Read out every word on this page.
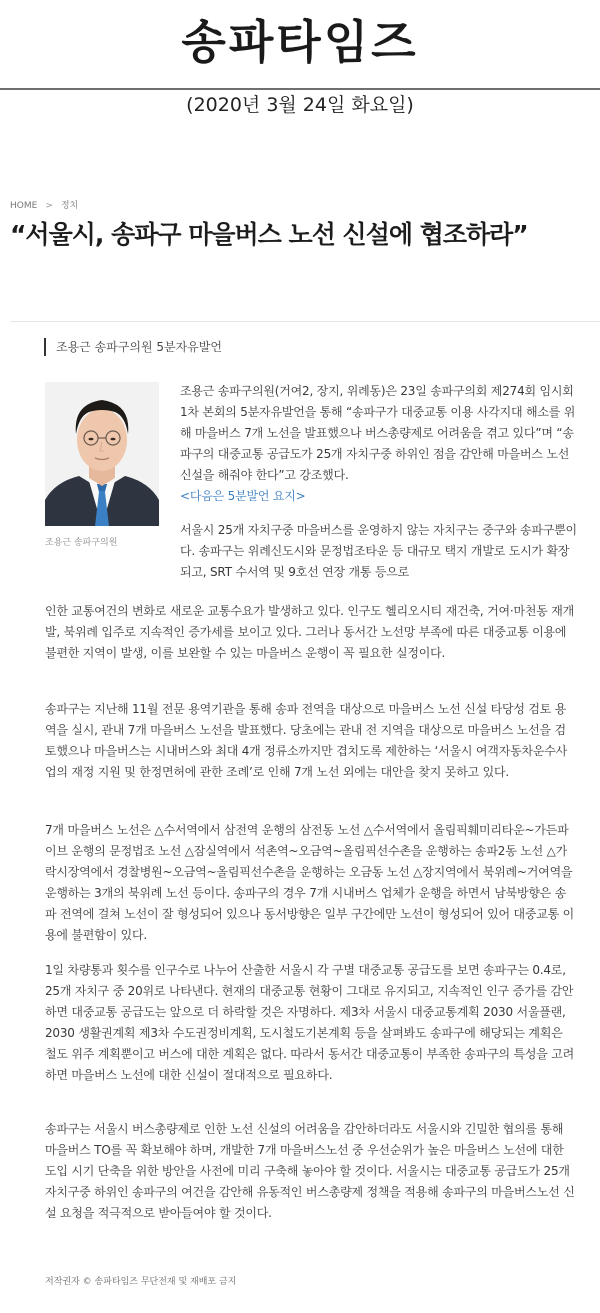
송파타임즈
(2020년 3월 24일 화요일)
HOME > 정치
“서울시, 송파구 마을버스 노선 신설에 협조하라”
조용근 송파구의원 5분자유발언
조용근 송파구의원
조용근 송파구의원(거여2, 장지, 위례동)은 23일 송파구의회 제274회 임시회 1차 본회의 5분자유발언을 통해 “송파구가 대중교통 이용 사각지대 해소를 위해 마을버스 7개 노선을 발표했으나 버스총량제로 어려움을 겪고 있다”며 “송파구의 대중교통 공급도가 25개 자치구중 하위인 점을 감안해 마을버스 노선 신설을 해줘야 한다”고 강조했다.
<다음은 5분발언 요지>
서울시 25개 자치구중 마을버스를 운영하지 않는 자치구는 중구와 송파구뿐이다. 송파구는 위례신도시와 문정법조타운 등 대규모 택지 개발로 도시가 확장되고, SRT 수서역 및 9호선 연장 개통 등으로
인한 교통여건의 변화로 새로운 교통수요가 발생하고 있다. 인구도 헬리오시티 재건축, 거여·마천동 재개발, 북위례 입주로 지속적인 증가세를 보이고 있다. 그러나 동서간 노선망 부족에 따른 대중교통 이용에 불편한 지역이 발생, 이를 보완할 수 있는 마을버스 운행이 꼭 필요한 실정이다.
송파구는 지난해 11월 전문 용역기관을 통해 송파 전역을 대상으로 마을버스 노선 신설 타당성 검토 용역을 실시, 관내 7개 마을버스 노선을 발표했다. 당초에는 관내 전 지역을 대상으로 마을버스 노선을 검토했으나 마을버스는 시내버스와 최대 4개 정류소까지만 겹치도록 제한하는 ‘서울시 여객자동차운수사업의 재정 지원 및 한정면허에 관한 조례’로 인해 7개 노선 외에는 대안을 찾지 못하고 있다.
7개 마을버스 노선은 △수서역에서 삼전역 운행의 삼전동 노선 △수서역에서 올림픽훼미리타운~가든파이브 운행의 문정법조 노선 △잠실역에서 석촌역~오금역~올림픽선수촌을 운행하는 송파2동 노선 △가락시장역에서 경찰병원~오금역~올림픽선수촌을 운행하는 오금동 노선 △장지역에서 북위례~거여역을 운행하는 3개의 북위례 노선 등이다. 송파구의 경우 7개 시내버스 업체가 운행을 하면서 남북방향은 송파 전역에 걸쳐 노선이 잘 형성되어 있으나 동서방향은 일부 구간에만 노선이 형성되어 있어 대중교통 이용에 불편함이 있다.
1일 차량통과 횟수를 인구수로 나누어 산출한 서울시 각 구별 대중교통 공급도를 보면 송파구는 0.4로, 25개 자치구 중 20위로 나타낸다. 현재의 대중교통 현황이 그대로 유지되고, 지속적인 인구 증가를 감안하면 대중교통 공급도는 앞으로 더 하락할 것은 자명하다. 제3차 서울시 대중교통계획 2030 서울플랜, 2030 생활권계획 제3차 수도권정비계획, 도시철도기본계획 등을 살펴봐도 송파구에 해당되는 계획은 철도 위주 계획뿐이고 버스에 대한 계획은 없다. 따라서 동서간 대중교통이 부족한 송파구의 특성을 고려하면 마을버스 노선에 대한 신설이 절대적으로 필요하다.
송파구는 서울시 버스총량제로 인한 노선 신설의 어려움을 감안하더라도 서울시와 긴밀한 협의를 통해 마을버스 TO를 꼭 확보해야 하며, 개발한 7개 마을버스노선 중 우선순위가 높은 마을버스 노선에 대한 도입 시기 단축을 위한 방안을 사전에 미리 구축해 놓아야 할 것이다. 서울시는 대중교통 공급도가 25개 자치구중 하위인 송파구의 여건을 감안해 유동적인 버스총량제 정책을 적용해 송파구의 마을버스노선 신설 요청을 적극적으로 받아들여야 할 것이다.
저작권자 © 송파타임즈 무단전재 및 재배포 금지
